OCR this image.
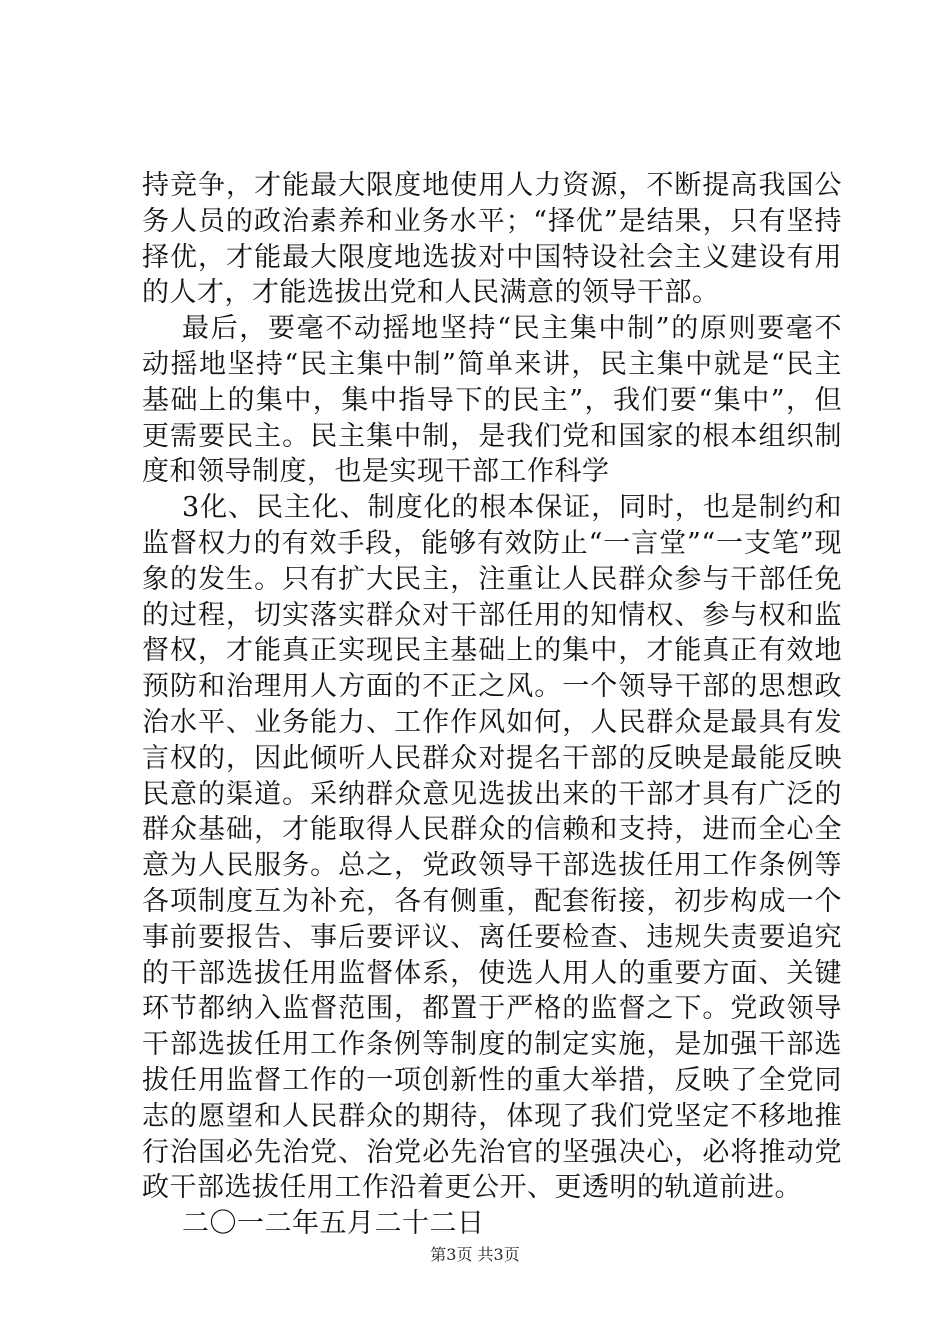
持竞争，才能最大限度地使用人力资源，不断提高我国公务人员的政治素养和业务水平；“择优”是结果，只有坚持择优，才能最大限度地选拔对中国特设社会主义建设有用的人才，才能选拔出党和人民满意的领导干部。

最后，要毫不动摇地坚持“民主集中制”的原则要毫不动摇地坚持“民主集中制”简单来讲，民主集中就是“民主基础上的集中，集中指导下的民主”，我们要“集中”，但更需要民主。民主集中制，是我们党和国家的根本组织制度和领导制度，也是实现干部工作科学

3化、民主化、制度化的根本保证，同时，也是制约和监督权力的有效手段，能够有效防止“一言堂”“一支笔”现象的发生。只有扩大民主，注重让人民群众参与干部任免的过程，切实落实群众对干部任用的知情权、参与权和监督权，才能真正实现民主基础上的集中，才能真正有效地预防和治理用人方面的不正之风。一个领导干部的思想政治水平、业务能力、工作作风如何，人民群众是最具有发言权的，因此倾听人民群众对提名干部的反映是最能反映民意的渠道。采纳群众意见选拔出来的干部才具有广泛的群众基础，才能取得人民群众的信赖和支持，进而全心全意为人民服务。总之，党政领导干部选拔任用工作条例等各项制度互为补充，各有侧重，配套衔接，初步构成一个事前要报告、事后要评议、离任要检查、违规失责要追究的干部选拔任用监督体系，使选人用人的重要方面、关键环节都纳入监督范围，都置于严格的监督之下。党政领导干部选拔任用工作条例等制度的制定实施，是加强干部选拔任用监督工作的一项创新性的重大举措，反映了全党同志的愿望和人民群众的期待，体现了我们党坚定不移地推行治国必先治党、治党必先治官的坚强决心，必将推动党政干部选拔任用工作沿着更公开、更透明的轨道前进。

二〇一二年五月二十二日

第3页 共3页
